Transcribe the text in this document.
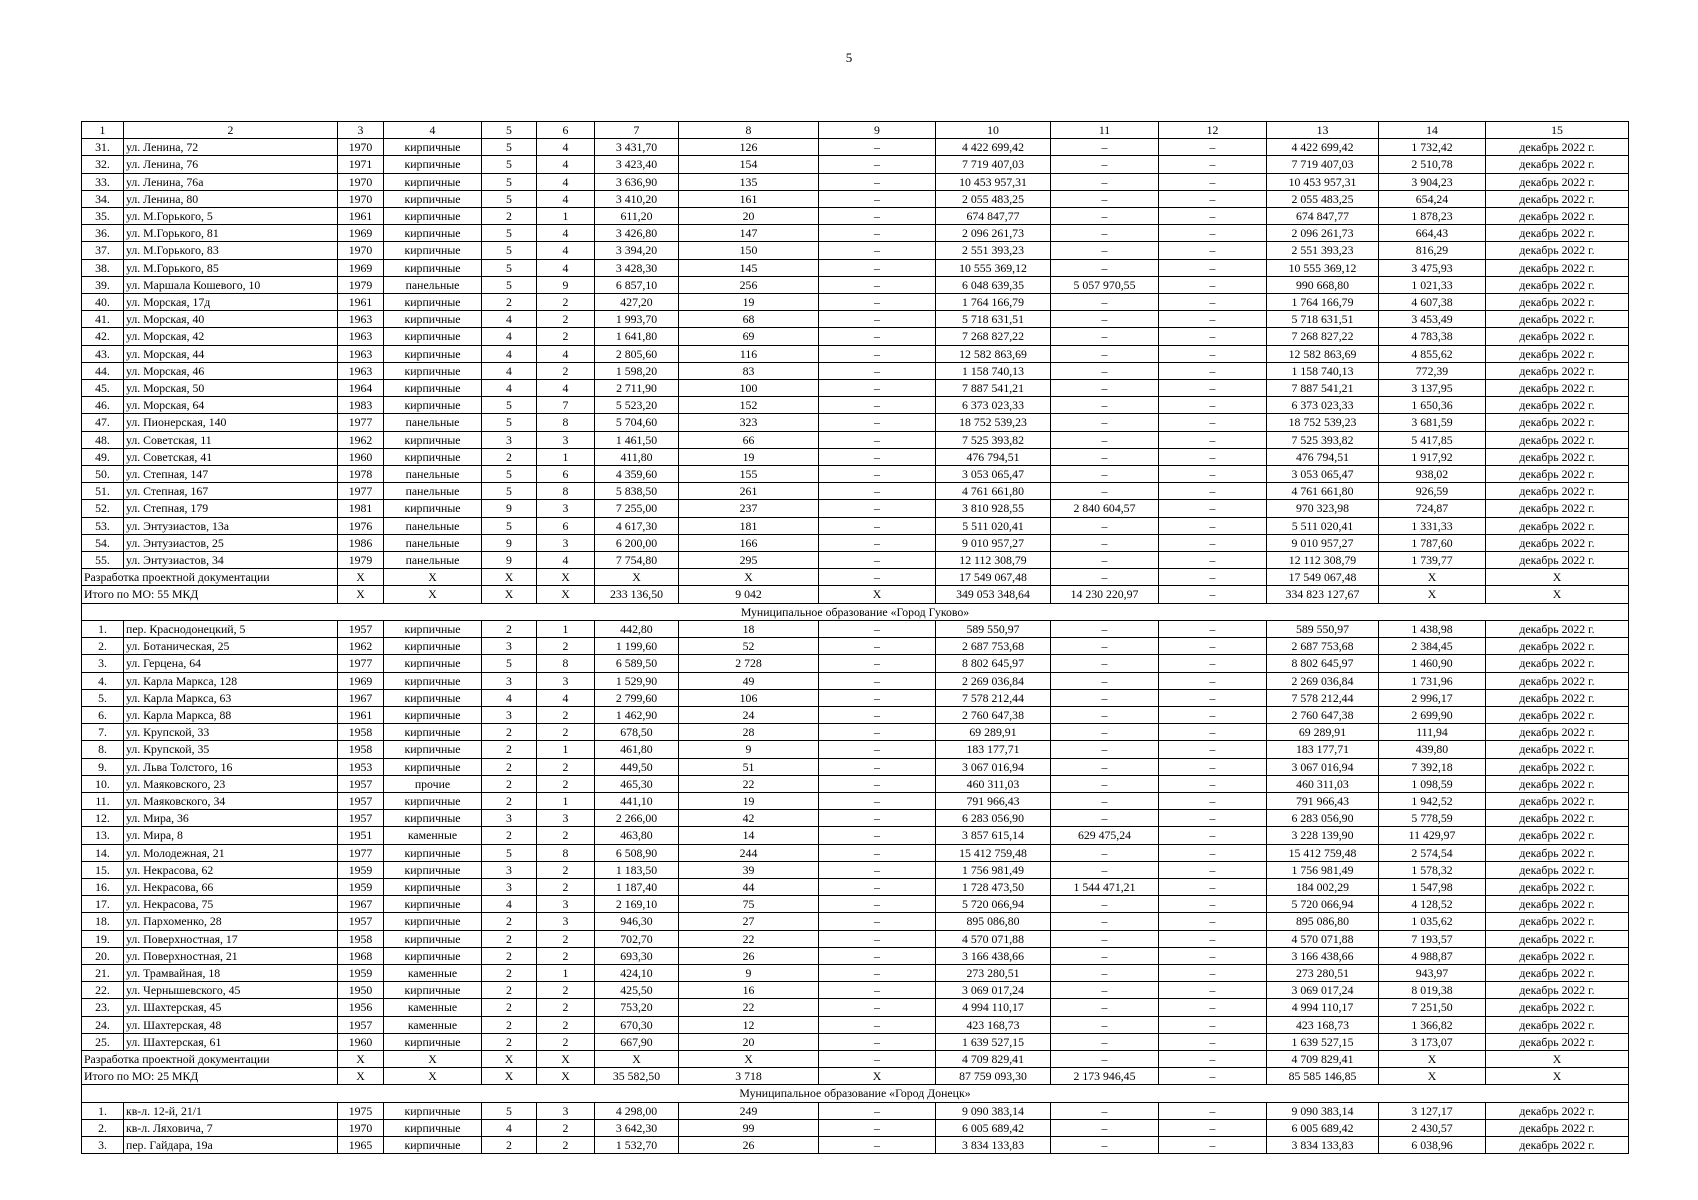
5
1	2	3	4	5	6	7	8	9	10	11	12	13	14	15
31.	ул. Ленина, 72	1970	кирпичные	5	4	3 431,70	126	–	4 422 699,42	–	–	4 422 699,42	1 732,42	декабрь 2022 г.
32.	ул. Ленина, 76	1971	кирпичные	5	4	3 423,40	154	–	7 719 407,03	–	–	7 719 407,03	2 510,78	декабрь 2022 г.
33.	ул. Ленина, 76а	1970	кирпичные	5	4	3 636,90	135	–	10 453 957,31	–	–	10 453 957,31	3 904,23	декабрь 2022 г.
34.	ул. Ленина, 80	1970	кирпичные	5	4	3 410,20	161	–	2 055 483,25	–	–	2 055 483,25	654,24	декабрь 2022 г.
35.	ул. М.Горького, 5	1961	кирпичные	2	1	611,20	20	–	674 847,77	–	–	674 847,77	1 878,23	декабрь 2022 г.
36.	ул. М.Горького, 81	1969	кирпичные	5	4	3 426,80	147	–	2 096 261,73	–	–	2 096 261,73	664,43	декабрь 2022 г.
37.	ул. М.Горького, 83	1970	кирпичные	5	4	3 394,20	150	–	2 551 393,23	–	–	2 551 393,23	816,29	декабрь 2022 г.
38.	ул. М.Горького, 85	1969	кирпичные	5	4	3 428,30	145	–	10 555 369,12	–	–	10 555 369,12	3 475,93	декабрь 2022 г.
39.	ул. Маршала Кошевого, 10	1979	панельные	5	9	6 857,10	256	–	6 048 639,35	5 057 970,55	–	990 668,80	1 021,33	декабрь 2022 г.
40.	ул. Морская, 17д	1961	кирпичные	2	2	427,20	19	–	1 764 166,79	–	–	1 764 166,79	4 607,38	декабрь 2022 г.
41.	ул. Морская, 40	1963	кирпичные	4	2	1 993,70	68	–	5 718 631,51	–	–	5 718 631,51	3 453,49	декабрь 2022 г.
42.	ул. Морская, 42	1963	кирпичные	4	2	1 641,80	69	–	7 268 827,22	–	–	7 268 827,22	4 783,38	декабрь 2022 г.
43.	ул. Морская, 44	1963	кирпичные	4	4	2 805,60	116	–	12 582 863,69	–	–	12 582 863,69	4 855,62	декабрь 2022 г.
44.	ул. Морская, 46	1963	кирпичные	4	2	1 598,20	83	–	1 158 740,13	–	–	1 158 740,13	772,39	декабрь 2022 г.
45.	ул. Морская, 50	1964	кирпичные	4	4	2 711,90	100	–	7 887 541,21	–	–	7 887 541,21	3 137,95	декабрь 2022 г.
46.	ул. Морская, 64	1983	кирпичные	5	7	5 523,20	152	–	6 373 023,33	–	–	6 373 023,33	1 650,36	декабрь 2022 г.
47.	ул. Пионерская, 140	1977	панельные	5	8	5 704,60	323	–	18 752 539,23	–	–	18 752 539,23	3 681,59	декабрь 2022 г.
48.	ул. Советская, 11	1962	кирпичные	3	3	1 461,50	66	–	7 525 393,82	–	–	7 525 393,82	5 417,85	декабрь 2022 г.
49.	ул. Советская, 41	1960	кирпичные	2	1	411,80	19	–	476 794,51	–	–	476 794,51	1 917,92	декабрь 2022 г.
50.	ул. Степная, 147	1978	панельные	5	6	4 359,60	155	–	3 053 065,47	–	–	3 053 065,47	938,02	декабрь 2022 г.
51.	ул. Степная, 167	1977	панельные	5	8	5 838,50	261	–	4 761 661,80	–	–	4 761 661,80	926,59	декабрь 2022 г.
52.	ул. Степная, 179	1981	кирпичные	9	3	7 255,00	237	–	3 810 928,55	2 840 604,57	–	970 323,98	724,87	декабрь 2022 г.
53.	ул. Энтузиастов, 13а	1976	панельные	5	6	4 617,30	181	–	5 511 020,41	–	–	5 511 020,41	1 331,33	декабрь 2022 г.
54.	ул. Энтузиастов, 25	1986	панельные	9	3	6 200,00	166	–	9 010 957,27	–	–	9 010 957,27	1 787,60	декабрь 2022 г.
55.	ул. Энтузиастов, 34	1979	панельные	9	4	7 754,80	295	–	12 112 308,79	–	–	12 112 308,79	1 739,77	декабрь 2022 г.
Разработка проектной документации		X	X	X	X	X	X	–	17 549 067,48	–	–	17 549 067,48	X	X
Итого по МО: 55 МКД		X	X	X	X	233 136,50	9 042	X	349 053 348,64	14 230 220,97	–	334 823 127,67	X	X
Муниципальное образование «Город Гуково»														
1.	пер. Краснодонецкий, 5	1957	кирпичные	2	1	442,80	18	–	589 550,97	–	–	589 550,97	1 438,98	декабрь 2022 г.
2.	ул. Ботаническая, 25	1962	кирпичные	3	2	1 199,60	52	–	2 687 753,68	–	–	2 687 753,68	2 384,45	декабрь 2022 г.
3.	ул. Герцена, 64	1977	кирпичные	5	8	6 589,50	2 728	–	8 802 645,97	–	–	8 802 645,97	1 460,90	декабрь 2022 г.
4.	ул. Карла Маркса, 128	1969	кирпичные	3	3	1 529,90	49	–	2 269 036,84	–	–	2 269 036,84	1 731,96	декабрь 2022 г.
5.	ул. Карла Маркса, 63	1967	кирпичные	4	4	2 799,60	106	–	7 578 212,44	–	–	7 578 212,44	2 996,17	декабрь 2022 г.
6.	ул. Карла Маркса, 88	1961	кирпичные	3	2	1 462,90	24	–	2 760 647,38	–	–	2 760 647,38	2 699,90	декабрь 2022 г.
7.	ул. Крупской, 33	1958	кирпичные	2	2	678,50	28	–	69 289,91	–	–	69 289,91	111,94	декабрь 2022 г.
8.	ул. Крупской, 35	1958	кирпичные	2	1	461,80	9	–	183 177,71	–	–	183 177,71	439,80	декабрь 2022 г.
9.	ул. Льва Толстого, 16	1953	кирпичные	2	2	449,50	51	–	3 067 016,94	–	–	3 067 016,94	7 392,18	декабрь 2022 г.
10.	ул. Маяковского, 23	1957	прочие	2	2	465,30	22	–	460 311,03	–	–	460 311,03	1 098,59	декабрь 2022 г.
11.	ул. Маяковского, 34	1957	кирпичные	2	1	441,10	19	–	791 966,43	–	–	791 966,43	1 942,52	декабрь 2022 г.
12.	ул. Мира, 36	1957	кирпичные	3	3	2 266,00	42	–	6 283 056,90	–	–	6 283 056,90	5 778,59	декабрь 2022 г.
13.	ул. Мира, 8	1951	каменные	2	2	463,80	14	–	3 857 615,14	629 475,24	–	3 228 139,90	11 429,97	декабрь 2022 г.
14.	ул. Молодежная, 21	1977	кирпичные	5	8	6 508,90	244	–	15 412 759,48	–	–	15 412 759,48	2 574,54	декабрь 2022 г.
15.	ул. Некрасова, 62	1959	кирпичные	3	2	1 183,50	39	–	1 756 981,49	–	–	1 756 981,49	1 578,32	декабрь 2022 г.
16.	ул. Некрасова, 66	1959	кирпичные	3	2	1 187,40	44	–	1 728 473,50	1 544 471,21	–	184 002,29	1 547,98	декабрь 2022 г.
17.	ул. Некрасова, 75	1967	кирпичные	4	3	2 169,10	75	–	5 720 066,94	–	–	5 720 066,94	4 128,52	декабрь 2022 г.
18.	ул. Пархоменко, 28	1957	кирпичные	2	3	946,30	27	–	895 086,80	–	–	895 086,80	1 035,62	декабрь 2022 г.
19.	ул. Поверхностная, 17	1958	кирпичные	2	2	702,70	22	–	4 570 071,88	–	–	4 570 071,88	7 193,57	декабрь 2022 г.
20.	ул. Поверхностная, 21	1968	кирпичные	2	2	693,30	26	–	3 166 438,66	–	–	3 166 438,66	4 988,87	декабрь 2022 г.
21.	ул. Трамвайная, 18	1959	каменные	2	1	424,10	9	–	273 280,51	–	–	273 280,51	943,97	декабрь 2022 г.
22.	ул. Чернышевского, 45	1950	кирпичные	2	2	425,50	16	–	3 069 017,24	–	–	3 069 017,24	8 019,38	декабрь 2022 г.
23.	ул. Шахтерская, 45	1956	каменные	2	2	753,20	22	–	4 994 110,17	–	–	4 994 110,17	7 251,50	декабрь 2022 г.
24.	ул. Шахтерская, 48	1957	каменные	2	2	670,30	12	–	423 168,73	–	–	423 168,73	1 366,82	декабрь 2022 г.
25.	ул. Шахтерская, 61	1960	кирпичные	2	2	667,90	20	–	1 639 527,15	–	–	1 639 527,15	3 173,07	декабрь 2022 г.
Разработка проектной документации		X	X	X	X	X	X	–	4 709 829,41	–	–	4 709 829,41	X	X
Итого по МО: 25 МКД		X	X	X	X	35 582,50	3 718	X	87 759 093,30	2 173 946,45	–	85 585 146,85	X	X
Муниципальное образование «Город Донецк»														
1.	кв-л. 12-й, 21/1	1975	кирпичные	5	3	4 298,00	249	–	9 090 383,14	–	–	9 090 383,14	3 127,17	декабрь 2022 г.
2.	кв-л. Ляховича, 7	1970	кирпичные	4	2	3 642,30	99	–	6 005 689,42	–	–	6 005 689,42	2 430,57	декабрь 2022 г.
3.	пер. Гайдара, 19а	1965	кирпичные	2	2	1 532,70	26	–	3 834 133,83	–	–	3 834 133,83	6 038,96	декабрь 2022 г.
